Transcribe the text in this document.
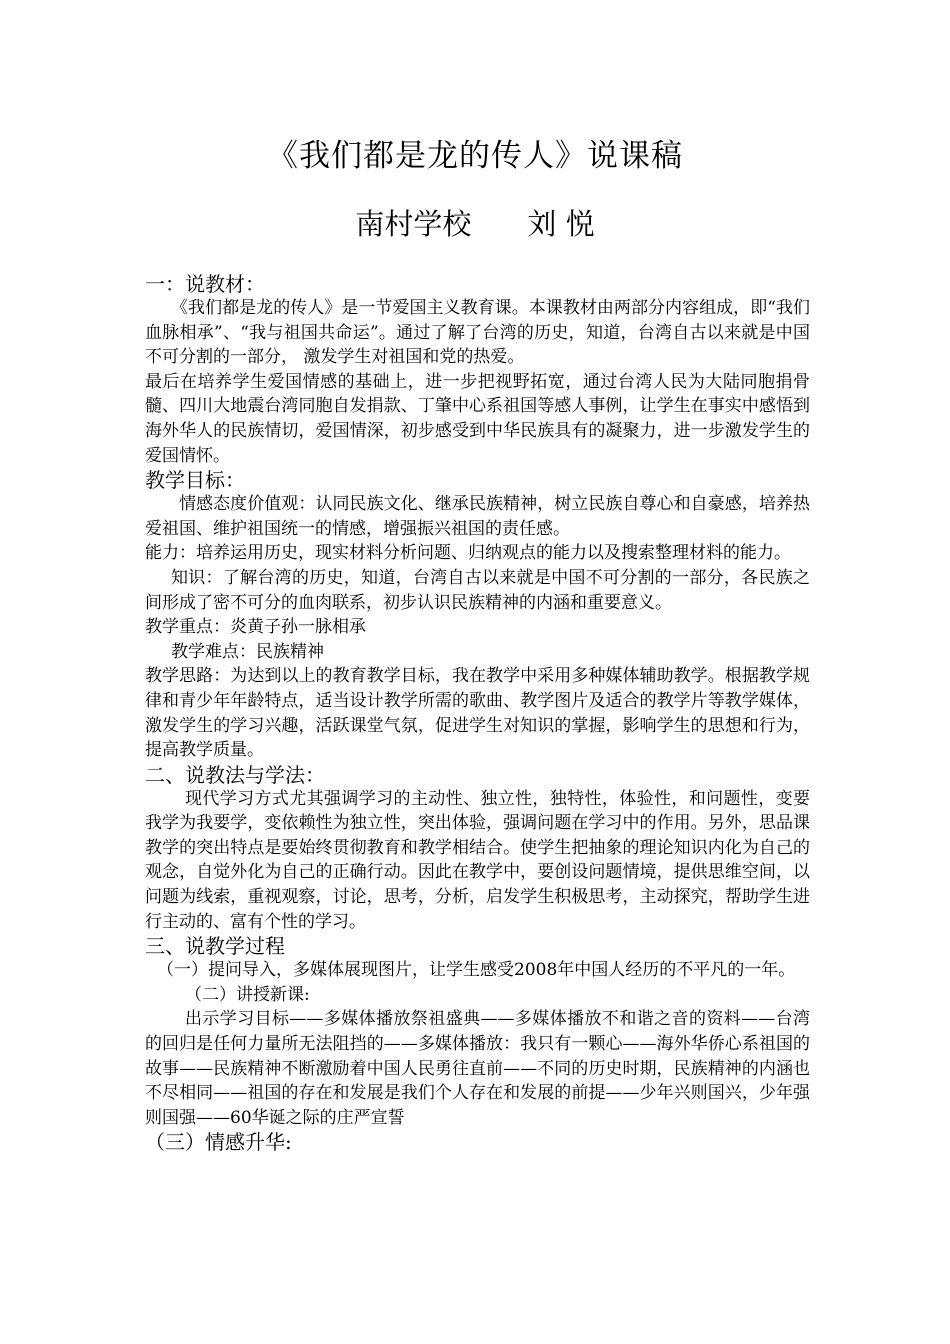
《我们都是龙的传人》说课稿
南村学校 刘 悦

一：说教材：

《我们都是龙的传人》是一节爱国主义教育课。本课教材由两部分内容组成，即“我们血脉相承”、“我与祖国共命运”。通过了解了台湾的历史，知道，台湾自古以来就是中国不可分割的一部分， 激发学生对祖国和党的热爱。

最后在培养学生爱国情感的基础上，进一步把视野拓宽，通过台湾人民为大陆同胞捐骨髓、四川大地震台湾同胞自发捐款、丁肇中心系祖国等感人事例，让学生在事实中感悟到海外华人的民族情切，爱国情深，初步感受到中华民族具有的凝聚力，进一步激发学生的爱国情怀。

教学目标：

情感态度价值观：认同民族文化、继承民族精神，树立民族自尊心和自豪感，培养热爱祖国、维护祖国统一的情感，增强振兴祖国的责任感。

能力：培养运用历史，现实材料分析问题、归纳观点的能力以及搜索整理材料的能力。

知识：了解台湾的历史，知道，台湾自古以来就是中国不可分割的一部分，各民族之间形成了密不可分的血肉联系，初步认识民族精神的内涵和重要意义。

教学重点：炎黄子孙一脉相承

教学难点：民族精神

教学思路：为达到以上的教育教学目标，我在教学中采用多种媒体辅助教学。根据教学规律和青少年年龄特点，适当设计教学所需的歌曲、教学图片及适合的教学片等教学媒体，激发学生的学习兴趣，活跃课堂气氛，促进学生对知识的掌握，影响学生的思想和行为，提高教学质量。

二、说教法与学法：

现代学习方式尤其强调学习的主动性、独立性，独特性，体验性，和问题性，变要我学为我要学，变依赖性为独立性，突出体验，强调问题在学习中的作用。另外，思品课教学的突出特点是要始终贯彻教育和教学相结合。使学生把抽象的理论知识内化为自己的观念，自觉外化为自己的正确行动。因此在教学中，要创设问题情境，提供思维空间，以问题为线索，重视观察，讨论，思考，分析，启发学生积极思考，主动探究，帮助学生进行主动的、富有个性的学习。

三、说教学过程

（一）提问导入，多媒体展现图片，让学生感受2008年中国人经历的不平凡的一年。

（二）讲授新课:

出示学习目标——多媒体播放祭祖盛典——多媒体播放不和谐之音的资料——台湾的回归是任何力量所无法阻挡的——多媒体播放：我只有一颗心——海外华侨心系祖国的故事——民族精神不断激励着中国人民勇往直前——不同的历史时期，民族精神的内涵也不尽相同——祖国的存在和发展是我们个人存在和发展的前提——少年兴则国兴，少年强则国强——60华诞之际的庄严宣誓

（三）情感升华:
